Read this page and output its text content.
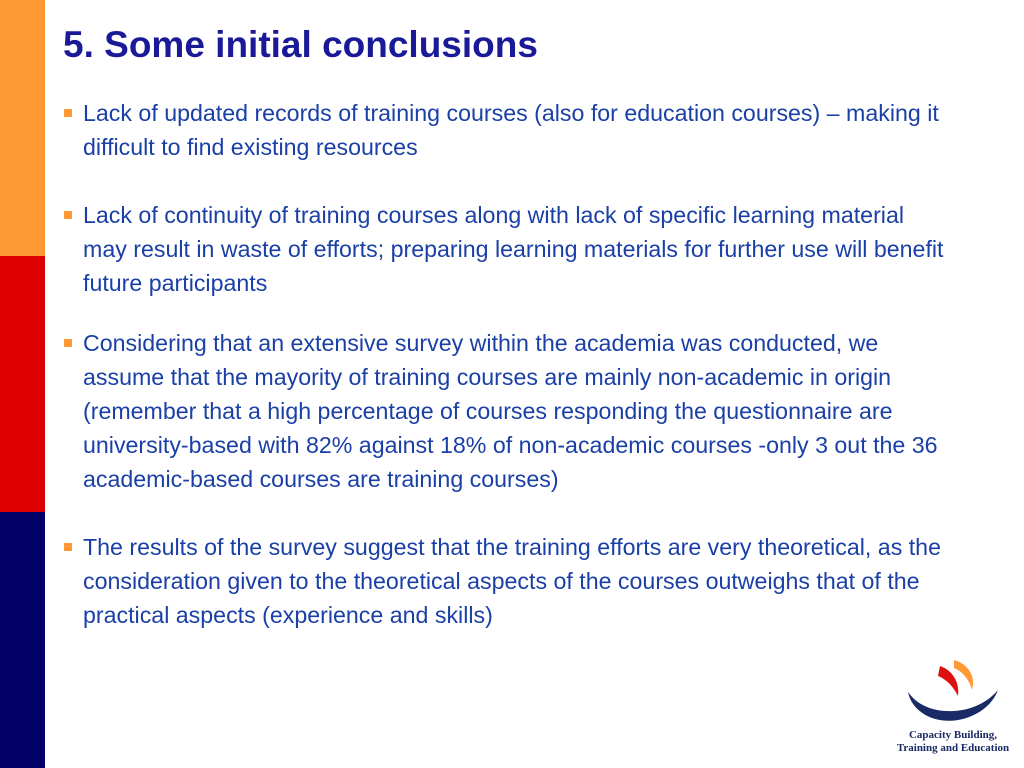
5. Some initial conclusions
Lack of updated records of training courses (also for education courses) – making it difficult to find existing resources
Lack of continuity of training courses along with lack of specific learning material may result in waste of efforts; preparing learning materials for further use will benefit future participants
Considering that an extensive survey within the academia was conducted, we assume that the mayority of training courses are mainly non-academic in origin (remember that a high percentage of courses responding the questionnaire are university-based with 82% against 18% of non-academic courses -only 3 out the 36 academic-based courses are training courses)
The results of the survey suggest that the training efforts are very theoretical, as the consideration given to the theoretical aspects of the courses outweighs that of the practical aspects (experience and skills)
Capacity Building,
Training and Education
